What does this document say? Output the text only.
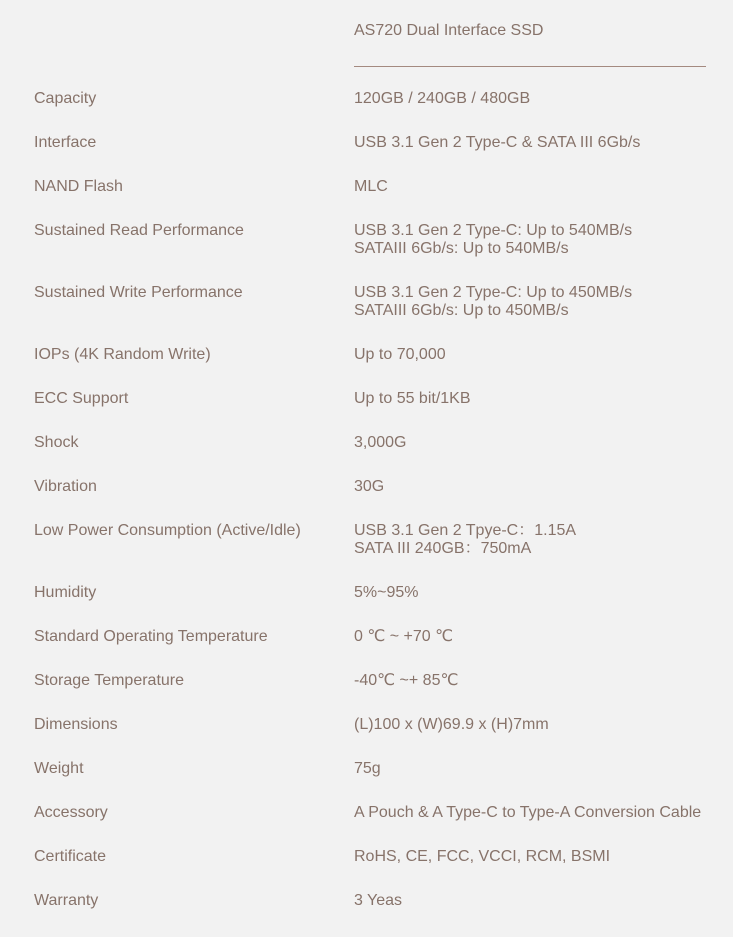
AS720 Dual Interface SSD
Capacity	120GB / 240GB / 480GB
Interface	USB 3.1 Gen 2 Type-C & SATA III 6Gb/s
NAND Flash	MLC
Sustained Read Performance	USB 3.1 Gen 2 Type-C: Up to 540MB/s
SATAIII 6Gb/s: Up to 540MB/s
Sustained Write Performance	USB 3.1 Gen 2 Type-C: Up to 450MB/s
SATAIII 6Gb/s: Up to 450MB/s
IOPs (4K Random Write)	Up to 70,000
ECC Support	Up to 55 bit/1KB
Shock	3,000G
Vibration	30G
Low Power Consumption (Active/Idle)	USB 3.1 Gen 2 Tpye-C：1.15A
SATA III 240GB：750mA
Humidity	5%~95%
Standard Operating Temperature	0 ℃ ~ +70 ℃
Storage Temperature	-40℃ ~+ 85℃
Dimensions	(L)100 x (W)69.9 x (H)7mm
Weight	75g
Accessory	A Pouch & A Type-C to Type-A Conversion Cable
Certificate	RoHS, CE, FCC, VCCI, RCM, BSMI
Warranty	3 Yeas
